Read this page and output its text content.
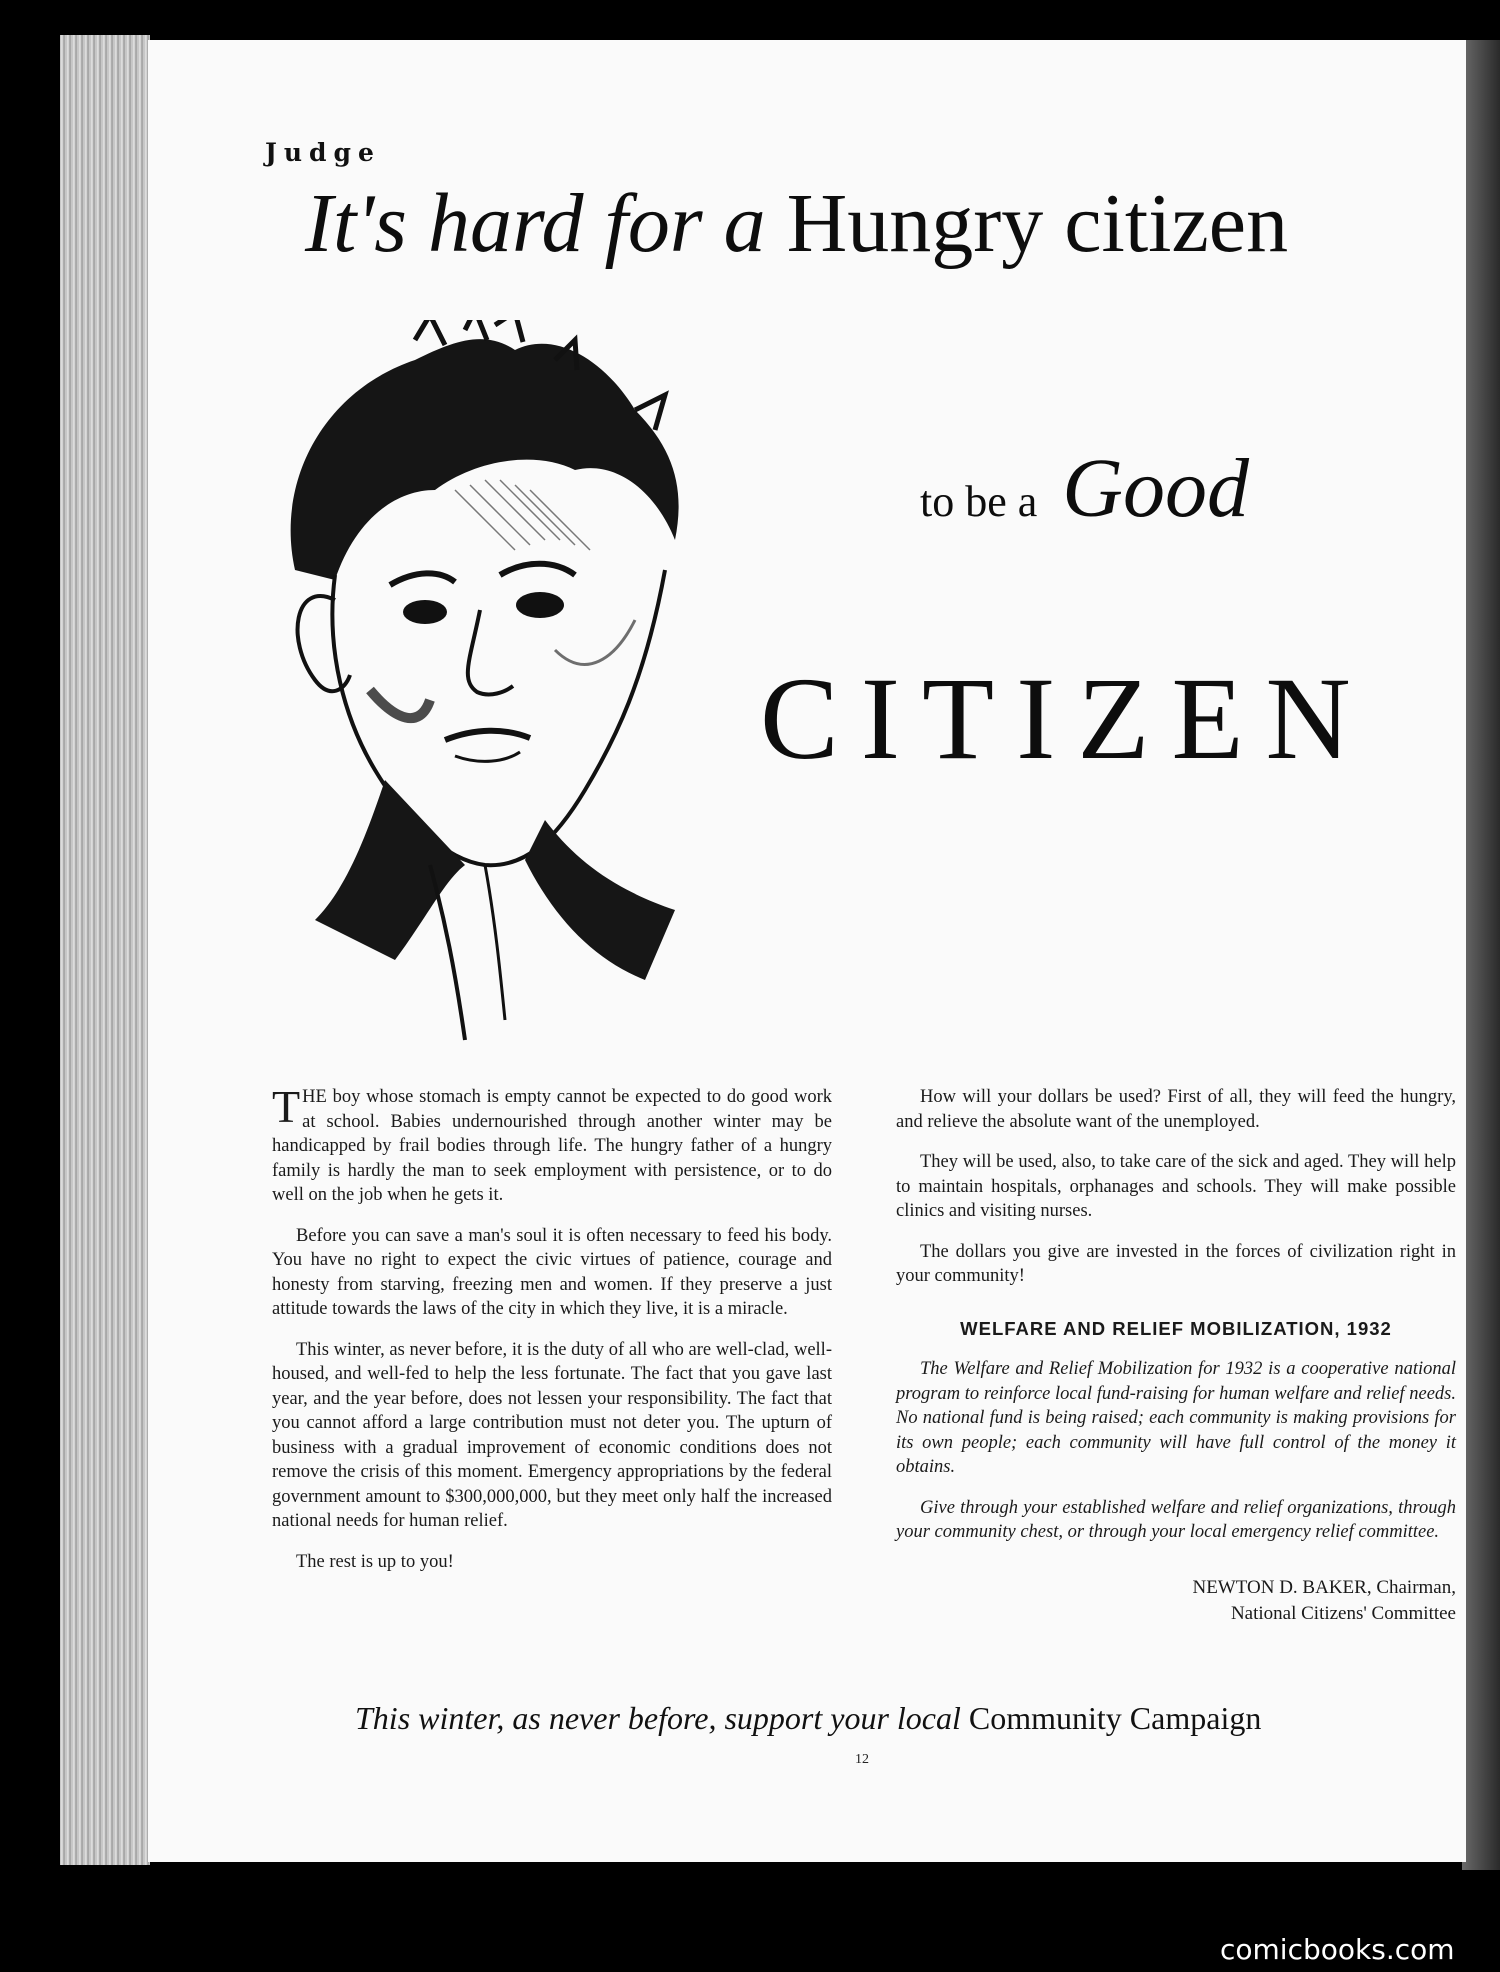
Judge
It's hard for a Hungry citizen
to be a Good
CITIZEN

THE boy whose stomach is empty cannot be expected to do good work at school. Babies undernourished through another winter may be handicapped by frail bodies through life. The hungry father of a hungry family is hardly the man to seek employment with persistence, or to do well on the job when he gets it.

Before you can save a man's soul it is often necessary to feed his body. You have no right to expect the civic virtues of patience, courage and honesty from starving, freezing men and women. If they preserve a just attitude towards the laws of the city in which they live, it is a miracle.

This winter, as never before, it is the duty of all who are well-clad, well-housed, and well-fed to help the less fortunate. The fact that you gave last year, and the year before, does not lessen your responsibility. The fact that you cannot afford a large contribution must not deter you. The upturn of business with a gradual improvement of economic conditions does not remove the crisis of this moment. Emergency appropriations by the federal government amount to $300,000,000, but they meet only half the increased national needs for human relief.

The rest is up to you!

How will your dollars be used? First of all, they will feed the hungry, and relieve the absolute want of the unemployed.

They will be used, also, to take care of the sick and aged. They will help to maintain hospitals, orphanages and schools. They will make possible clinics and visiting nurses.

The dollars you give are invested in the forces of civilization right in your community!

WELFARE AND RELIEF MOBILIZATION, 1932

The Welfare and Relief Mobilization for 1932 is a cooperative national program to reinforce local fund-raising for human welfare and relief needs. No national fund is being raised; each community is making provisions for its own people; each community will have full control of the money it obtains.

Give through your established welfare and relief organizations, through your community chest, or through your local emergency relief committee.

NEWTON D. BAKER, Chairman,
National Citizens' Committee
This winter, as never before, support your local Community Campaign
12
comicbooks.com
